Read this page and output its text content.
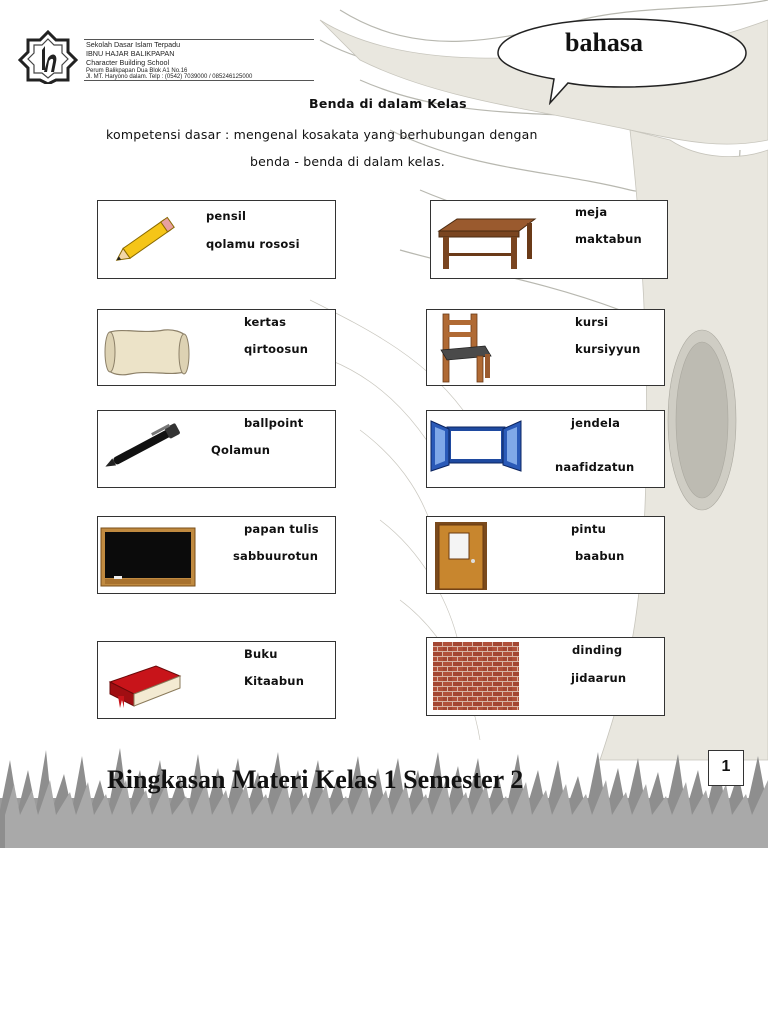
Sekolah Dasar Islam Terpadu
IBNU HAJAR BALIKPAPAN
Character Building School
Perum Balikpapan Dua Blok A1 No.16
Jl. MT. Haryono dalam. Telp : (0542) 7039000 / 085246125000
bahasa
Benda di dalam Kelas
kompetensi dasar : mengenal kosakata yang berhubungan dengan
benda - benda di dalam kelas.
pensil
qolamu rososi
meja
maktabun
kertas
qirtoosun
kursi
kursiyyun
ballpoint
Qolamun
jendela
naafidzatun
papan tulis
sabbuurotun
pintu
baabun
Buku
Kitaabun
dinding
jidaarun
Ringkasan Materi Kelas 1 Semester 2	1
